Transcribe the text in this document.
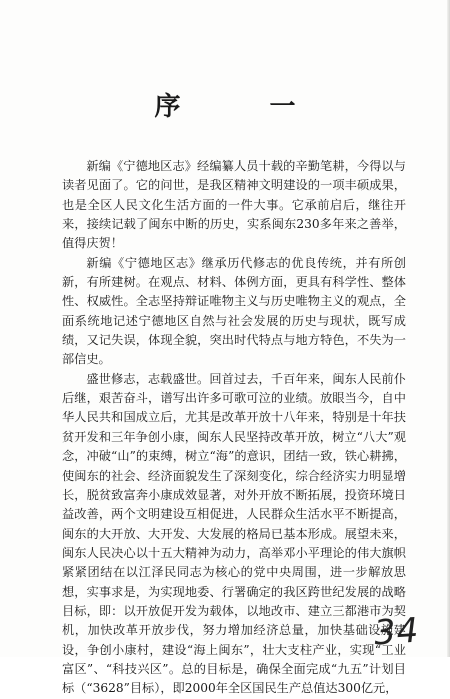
序 一

新编《宁德地区志》经编纂人员十载的辛勤笔耕，今得以与读者见面了。它的问世，是我区精神文明建设的一项丰硕成果，也是全区人民文化生活方面的一件大事。它承前启后，继往开来，接续记载了闽东中断的历史，实系闽东230多年来之善举，值得庆贺！

新编《宁德地区志》继承历代修志的优良传统，并有所创新，有所建树。在观点、材料、体例方面，更具有科学性、整体性、权威性。全志坚持辩证唯物主义与历史唯物主义的观点，全面系统地记述宁德地区自然与社会发展的历史与现状，既写成绩，又记失误，体现全貌，突出时代特点与地方特色，不失为一部信史。

盛世修志，志载盛世。回首过去，千百年来，闽东人民前仆后继，艰苦奋斗，谱写出许多可歌可泣的业绩。放眼当今，自中华人民共和国成立后，尤其是改革开放十八年来，特别是十年扶贫开发和三年争创小康，闽东人民坚持改革开放，树立“八大”观念，冲破“山”的束缚，树立“海”的意识，团结一致，铁心耕拂，使闽东的社会、经济面貌发生了深刻变化，综合经济实力明显增长，脱贫致富奔小康成效显著，对外开放不断拓展，投资环境日益改善，两个文明建设互相促进，人民群众生活水平不断提高，闽东的大开放、大开发、大发展的格局已基本形成。展望未来，闽东人民决心以十五大精神为动力，高举邓小平理论的伟大旗帜紧紧团结在以江泽民同志为核心的党中央周围，进一步解放思想，实事求是，为实现地委、行署确定的我区跨世纪发展的战略目标，即：以开放促开发为载体，以地改市、建立三都港市为契机，加快改革开放步伐，努力增加经济总量，加快基础设施建设，争创小康村，建设“海上闽东”，壮大支柱产业，实现“工业富区”、“科技兴区”。总的目标是，确保全面完成“九五”计划目标（“3628”目标），即2000年全区国民生产总值达300亿元，

34
